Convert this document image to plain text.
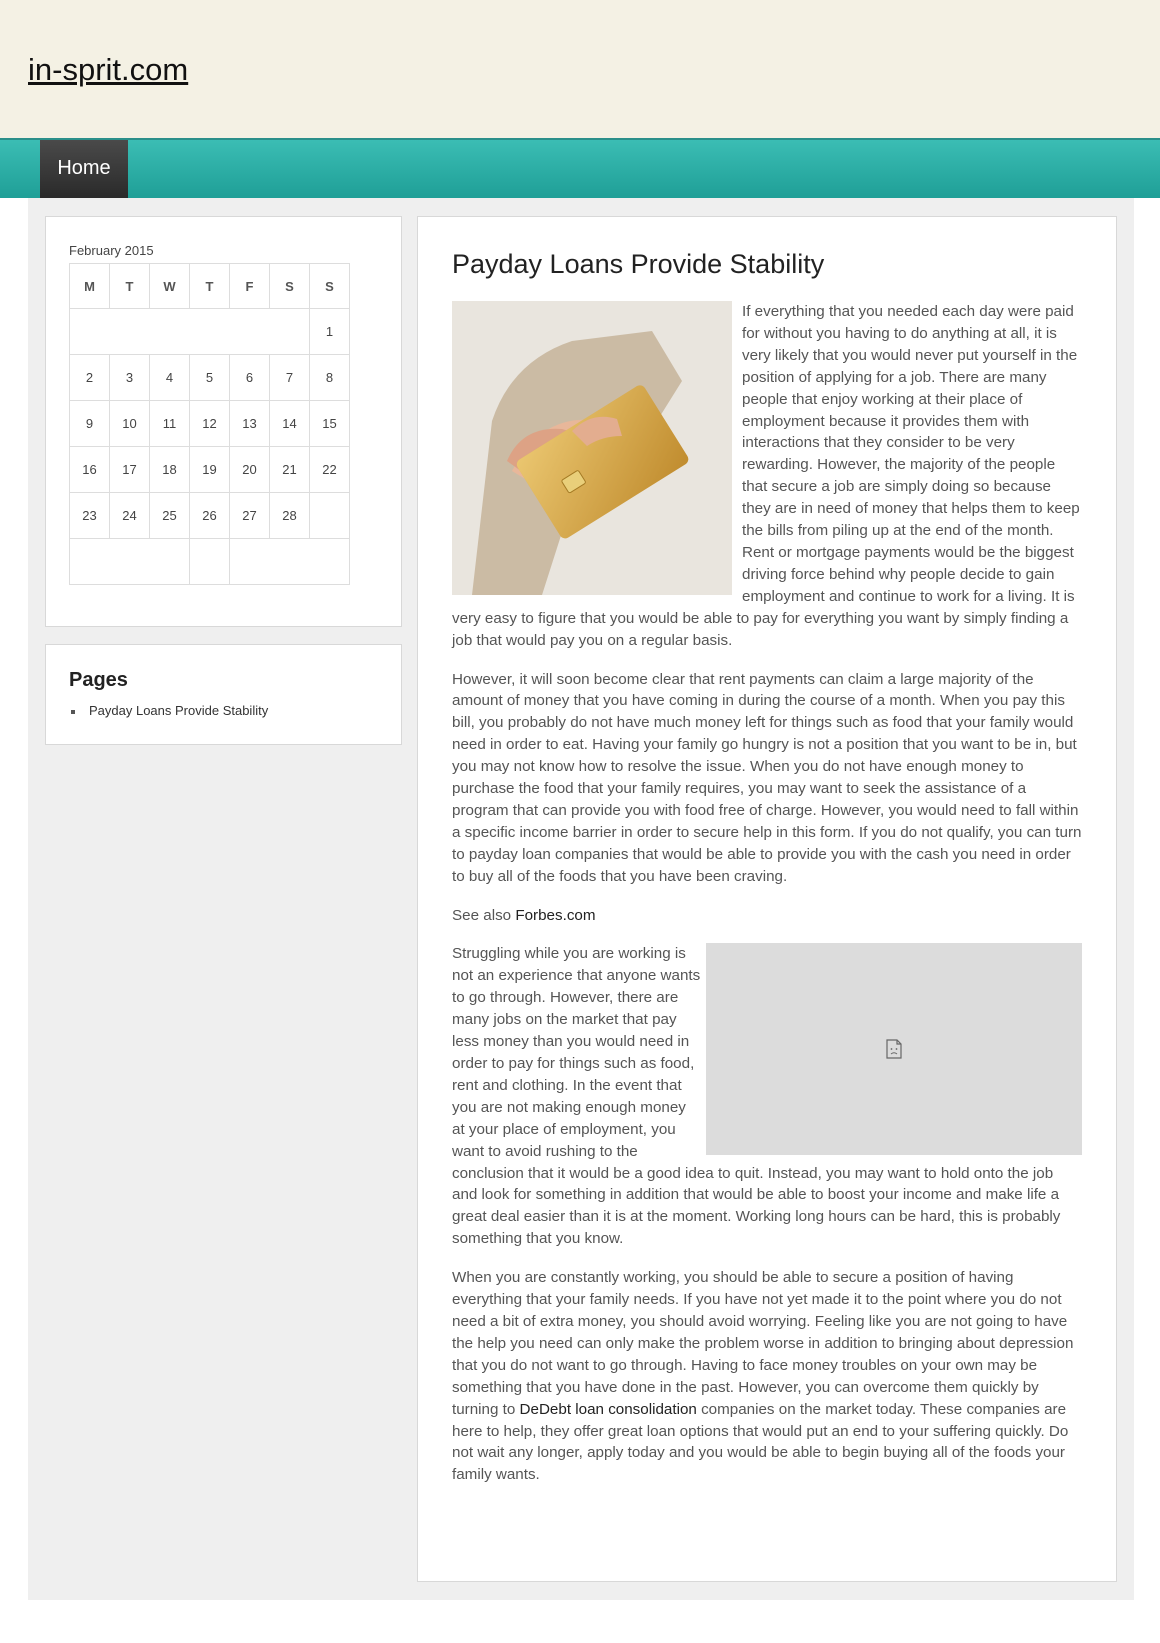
in-sprit.com
Home
February 2015
M	T	W	T	F	S	S
						1
2	3	4	5	6	7	8
9	10	11	12	13	14	15
16	17	18	19	20	21	22
23	24	25	26	27	28	

Pages
Payday Loans Provide Stability
Payday Loans Provide Stability

If everything that you needed each day were paid for without you having to do anything at all, it is very likely that you would never put yourself in the position of applying for a job. There are many people that enjoy working at their place of employment because it provides them with interactions that they consider to be very rewarding. However, the majority of the people that secure a job are simply doing so because they are in need of money that helps them to keep the bills from piling up at the end of the month. Rent or mortgage payments would be the biggest driving force behind why people decide to gain employment and continue to work for a living. It is very easy to figure that you would be able to pay for everything you want by simply finding a job that would pay you on a regular basis.

However, it will soon become clear that rent payments can claim a large majority of the amount of money that you have coming in during the course of a month. When you pay this bill, you probably do not have much money left for things such as food that your family would need in order to eat. Having your family go hungry is not a position that you want to be in, but you may not know how to resolve the issue. When you do not have enough money to purchase the food that your family requires, you may want to seek the assistance of a program that can provide you with food free of charge. However, you would need to fall within a specific income barrier in order to secure help in this form. If you do not qualify, you can turn to payday loan companies that would be able to provide you with the cash you need in order to buy all of the foods that you have been craving.

See also Forbes.com

Struggling while you are working is not an experience that anyone wants to go through. However, there are many jobs on the market that pay less money than you would need in order to pay for things such as food, rent and clothing. In the event that you are not making enough money at your place of employment, you want to avoid rushing to the conclusion that it would be a good idea to quit. Instead, you may want to hold onto the job and look for something in addition that would be able to boost your income and make life a great deal easier than it is at the moment. Working long hours can be hard, this is probably something that you know.

When you are constantly working, you should be able to secure a position of having everything that your family needs. If you have not yet made it to the point where you do not need a bit of extra money, you should avoid worrying. Feeling like you are not going to have the help you need can only make the problem worse in addition to bringing about depression that you do not want to go through. Having to face money troubles on your own may be something that you have done in the past. However, you can overcome them quickly by turning to DeDebt loan consolidation companies on the market today. These companies are here to help, they offer great loan options that would put an end to your suffering quickly. Do not wait any longer, apply today and you would be able to begin buying all of the foods your family wants.
